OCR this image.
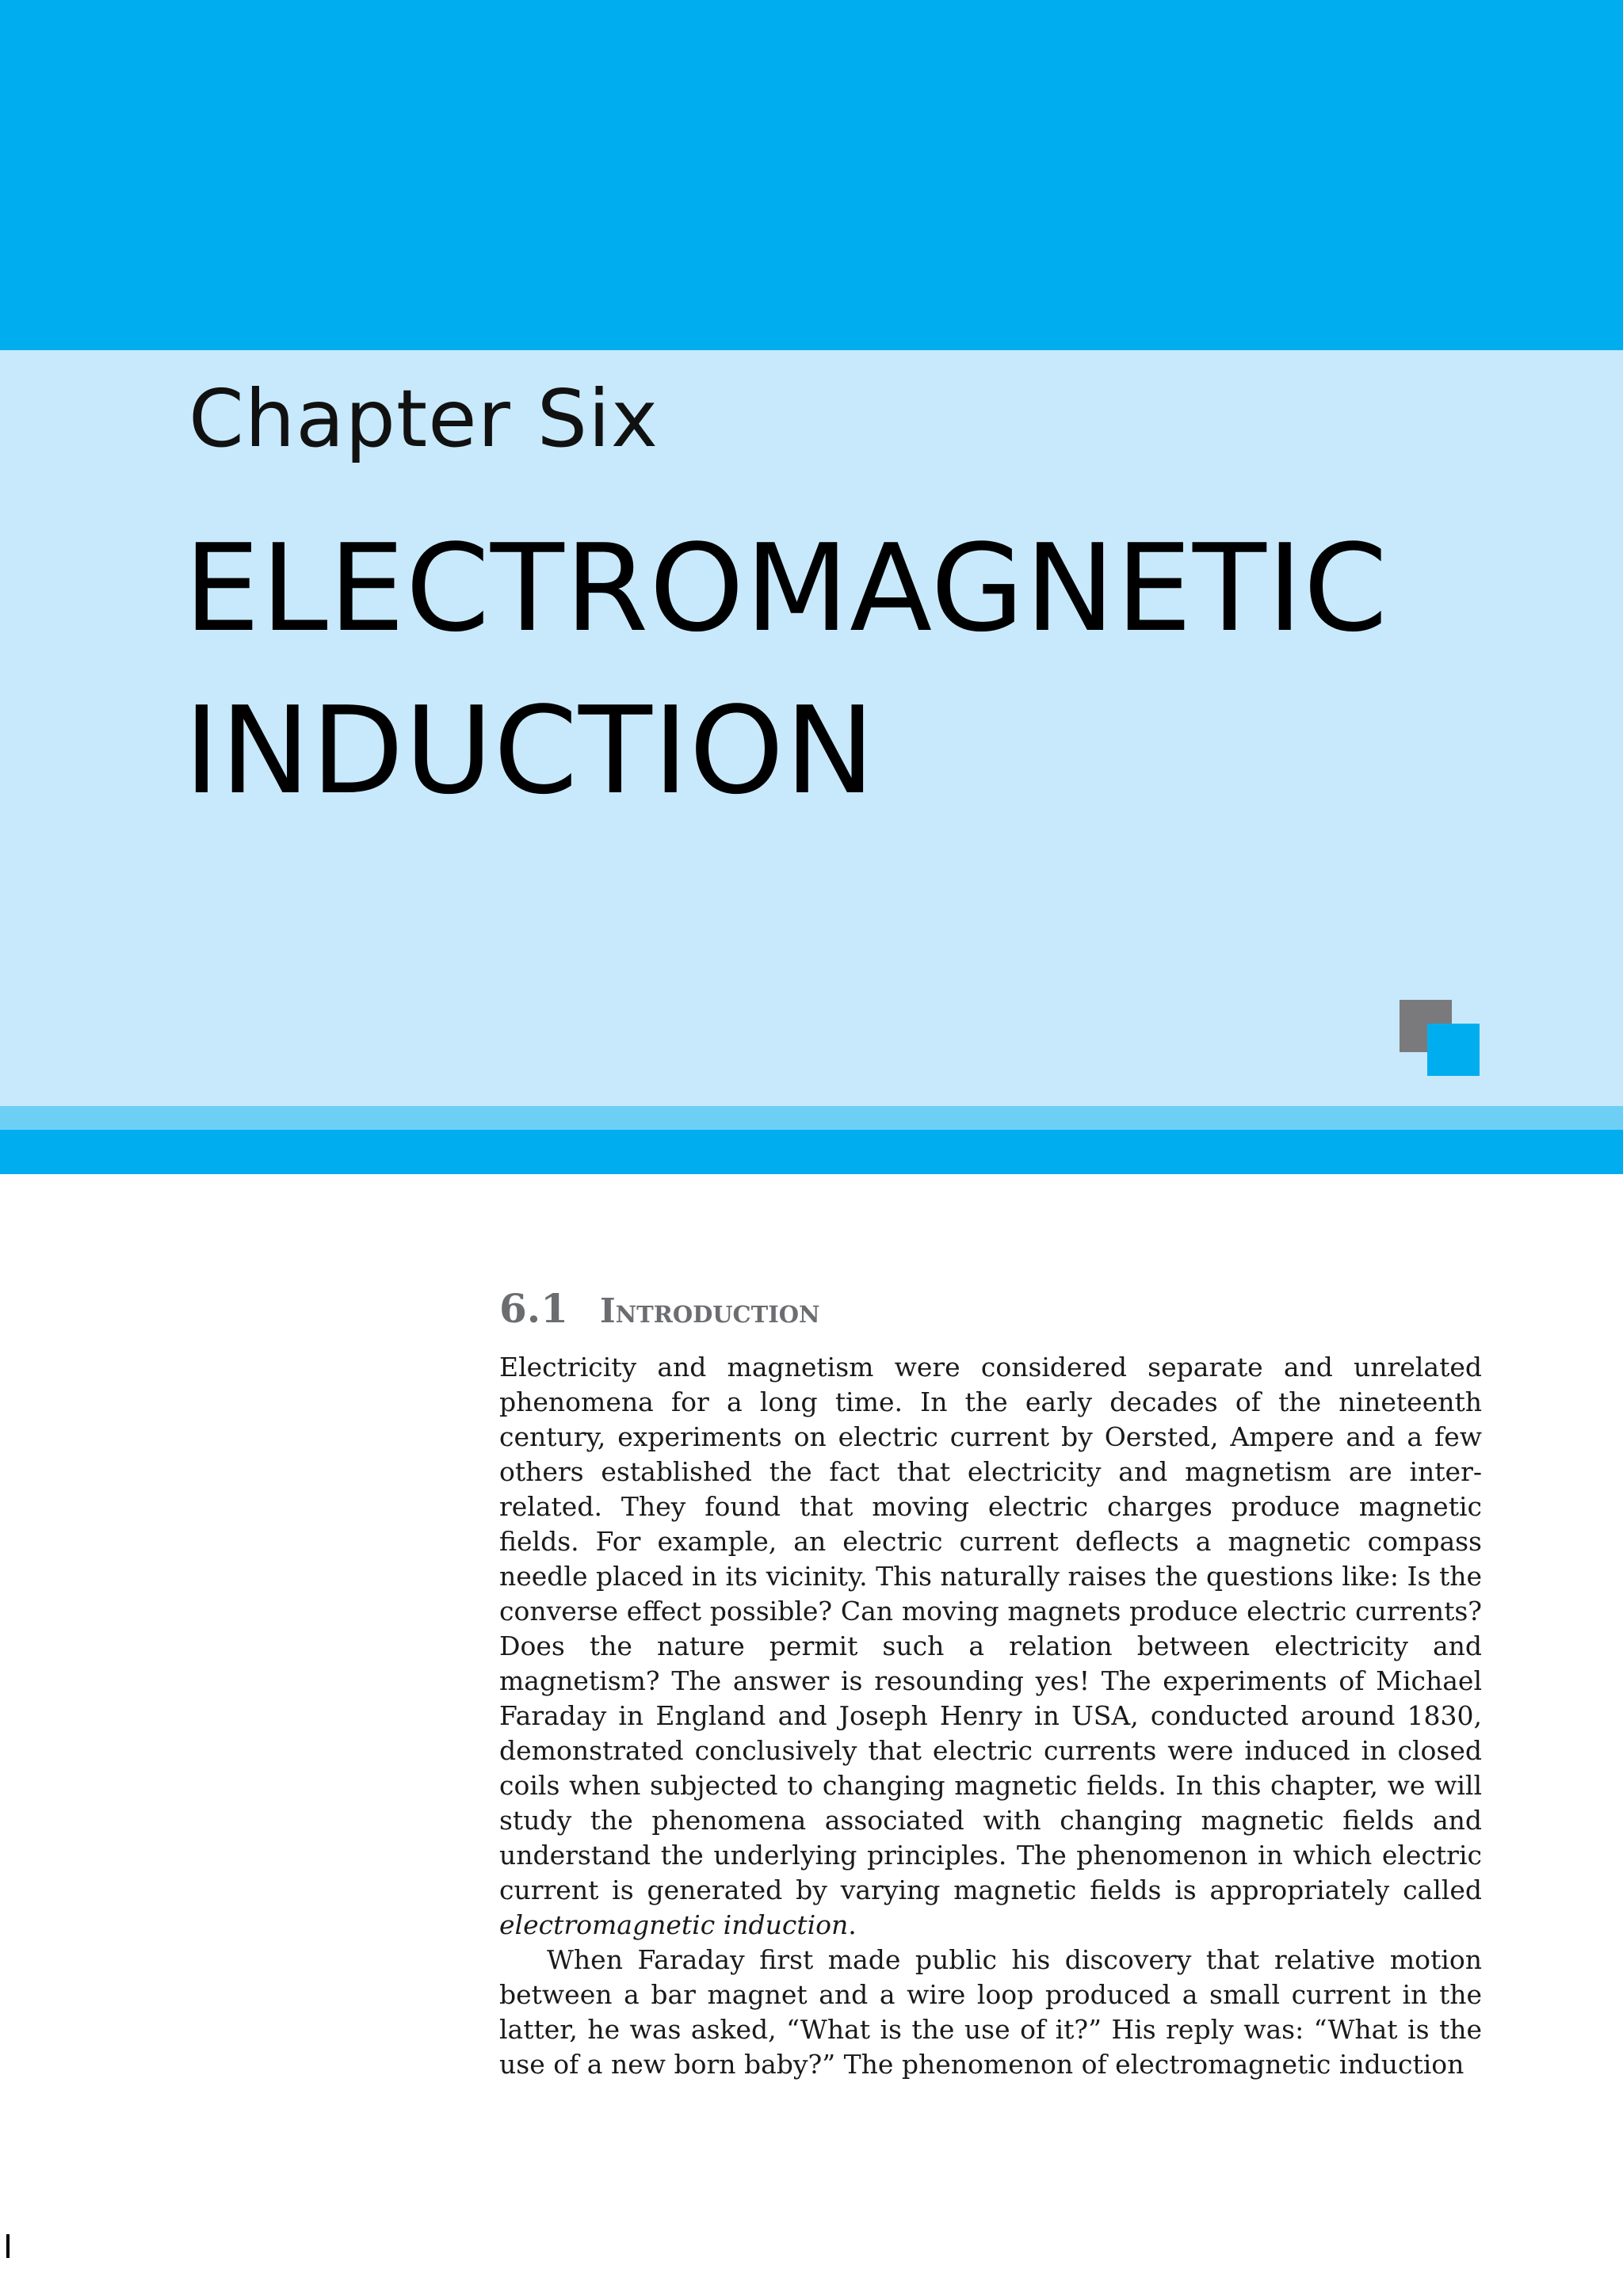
Chapter Six
ELECTROMAGNETIC
INDUCTION
6.1 Introduction

Electricity and magnetism were considered separate and unrelated phenomena for a long time. In the early decades of the nineteenth century, experiments on electric current by Oersted, Ampere and a few others established the fact that electricity and magnetism are inter-related. They found that moving electric charges produce magnetic fields. For example, an electric current deflects a magnetic compass needle placed in its vicinity. This naturally raises the questions like: Is the converse effect possible? Can moving magnets produce electric currents? Does the nature permit such a relation between electricity and magnetism? The answer is resounding yes! The experiments of Michael Faraday in England and Joseph Henry in USA, conducted around 1830, demonstrated conclusively that electric currents were induced in closed coils when subjected to changing magnetic fields. In this chapter, we will study the phenomena associated with changing magnetic fields and understand the underlying principles. The phenomenon in which electric current is generated by varying magnetic fields is appropriately called electromagnetic induction.

When Faraday first made public his discovery that relative motion between a bar magnet and a wire loop produced a small current in the latter, he was asked, “What is the use of it?” His reply was: “What is the use of a new born baby?” The phenomenon of electromagnetic induction
